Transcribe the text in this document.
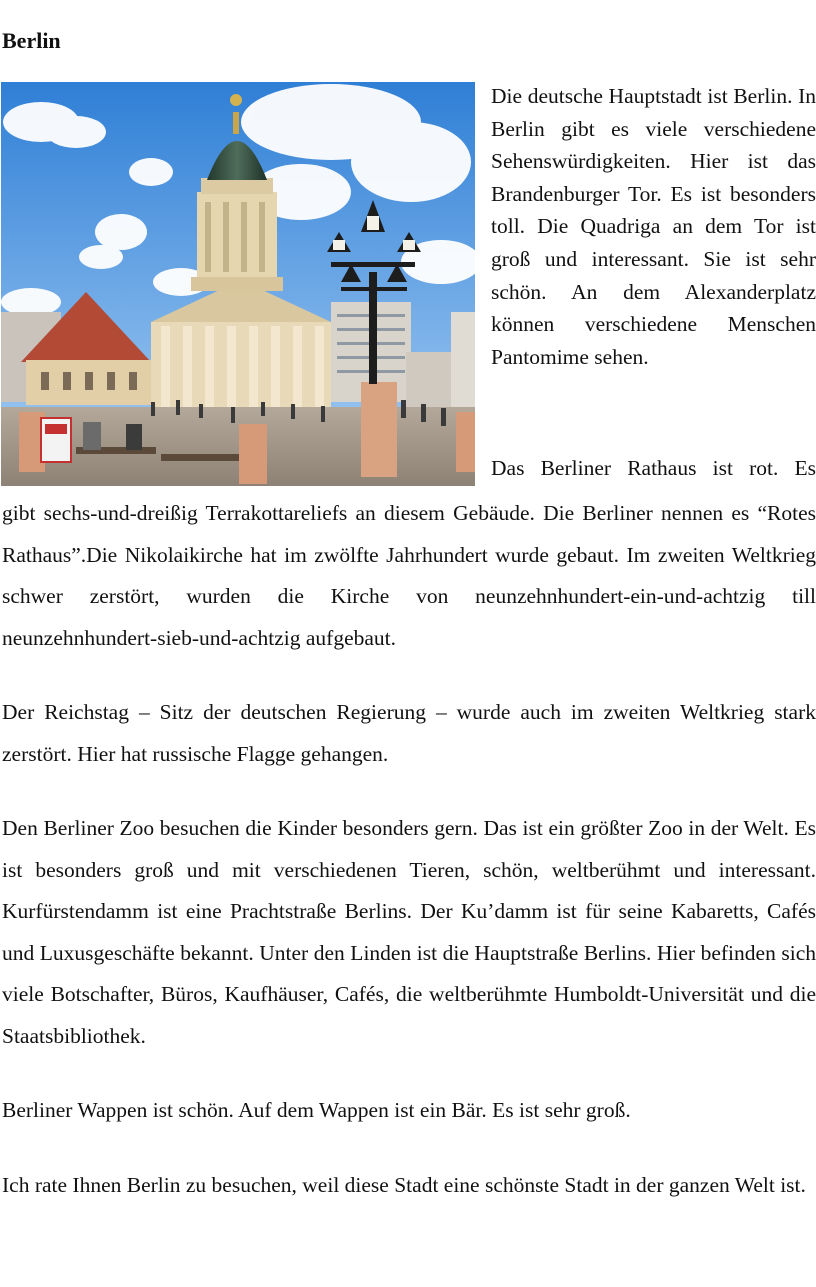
Berlin

Die deutsche Hauptstadt ist Berlin. In Berlin gibt es viele verschiedene Sehenswürdigkeiten. Hier ist das Brandenburger Tor. Es ist besonders toll. Die Quadriga an dem Tor ist groß und interessant. Sie ist sehr schön. An dem Alexanderplatz können verschiedene Menschen Pantomime sehen.

Das Berliner Rathaus ist rot. Es

gibt sechs-und-dreißig Terrakottareliefs an diesem Gebäude. Die Berliner nennen es “Rotes Rathaus”.Die Nikolaikirche hat im zwölfte Jahrhundert wurde gebaut. Im zweiten Weltkrieg schwer zerstört, wurden die Kirche von neunzehnhundert-ein-und-achtzig till neunzehnhundert-sieb-und-achtzig aufgebaut.

Der Reichstag – Sitz der deutschen Regierung – wurde auch im zweiten Weltkrieg stark zerstört. Hier hat russische Flagge gehangen.

Den Berliner Zoo besuchen die Kinder besonders gern. Das ist ein größter Zoo in der Welt. Es ist besonders groß und mit verschiedenen Tieren, schön, weltberühmt und interessant. Kurfürstendamm ist eine Prachtstraße Berlins. Der Ku’damm ist für seine Kabaretts, Cafés und Luxusgeschäfte bekannt. Unter den Linden ist die Hauptstraße Berlins. Hier befinden sich viele Botschafter, Büros, Kaufhäuser, Cafés, die weltberühmte Humboldt-Universität und die Staatsbibliothek.

Berliner Wappen ist schön. Auf dem Wappen ist ein Bär. Es ist sehr groß.

Ich rate Ihnen Berlin zu besuchen, weil diese Stadt eine schönste Stadt in der ganzen Welt ist.
